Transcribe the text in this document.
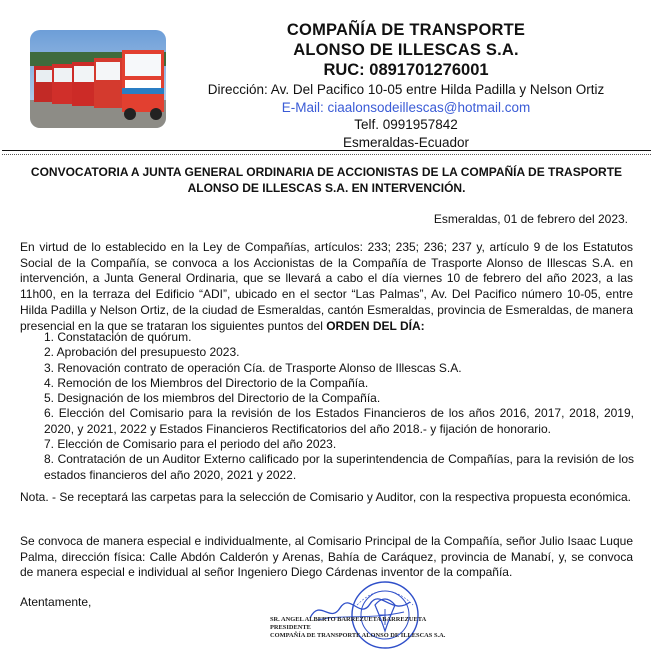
COMPAÑÍA DE TRANSPORTE
ALONSO DE ILLESCAS S.A.
RUC: 0891701276001
Dirección: Av. Del Pacifico 10-05 entre Hilda Padilla y Nelson Ortiz
E-Mail: ciaalonsodeillescas@hotmail.com
Telf. 0991957842
Esmeraldas-Ecuador
CONVOCATORIA A JUNTA GENERAL ORDINARIA DE ACCIONISTAS DE LA COMPAÑÍA DE TRASPORTE ALONSO DE ILLESCAS S.A. EN INTERVENCIÓN.
Esmeraldas, 01 de febrero del 2023.
En virtud de lo establecido en la Ley de Compañías, artículos: 233; 235; 236; 237 y, artículo 9 de los Estatutos Social de la Compañía, se convoca a los Accionistas de la Compañía de Trasporte Alonso de Illescas S.A. en intervención, a Junta General Ordinaria, que se llevará a cabo el día viernes 10 de febrero del año 2023, a las 11h00, en la terraza del Edificio “ADI”, ubicado en el sector “Las Palmas”, Av. Del Pacifico número 10-05, entre Hilda Padilla y Nelson Ortiz, de la ciudad de Esmeraldas, cantón Esmeraldas, provincia de Esmeraldas, de manera presencial en la que se trataran los siguientes puntos del ORDEN DEL DÍA:
1. Constatación de quórum.
2. Aprobación del presupuesto 2023.
3. Renovación contrato de operación Cía. de Trasporte Alonso de Illescas S.A.
4. Remoción de los Miembros del Directorio de la Compañía.
5. Designación de los miembros del Directorio de la Compañía.
6. Elección del Comisario para la revisión de los Estados Financieros de los años 2016, 2017, 2018, 2019, 2020, y 2021, 2022 y Estados Financieros Rectificatorios del año 2018.- y fijación de honorario.
7. Elección de Comisario para el periodo del año 2023.
8. Contratación de un Auditor Externo calificado por la superintendencia de Compañías, para la revisión de los estados financieros del año 2020, 2021 y 2022.
Nota. - Se receptará las carpetas para la selección de Comisario y Auditor, con la respectiva propuesta económica.
Se convoca de manera especial e individualmente, al Comisario Principal de la Compañía, señor Julio Isaac Luque Palma, dirección física: Calle Abdón Calderón y Arenas, Bahía de Caráquez, provincia de Manabí, y, se convoca de manera especial e individual al señor Ingeniero Diego Cárdenas inventor de la compañía.
Atentamente,
SR. ANGEL ALBERTO BARREZUETA BARREZUETA
PRESIDENTE
COMPAÑÍA DE TRANSPORTE ALONSO DE ILLESCAS S.A.
